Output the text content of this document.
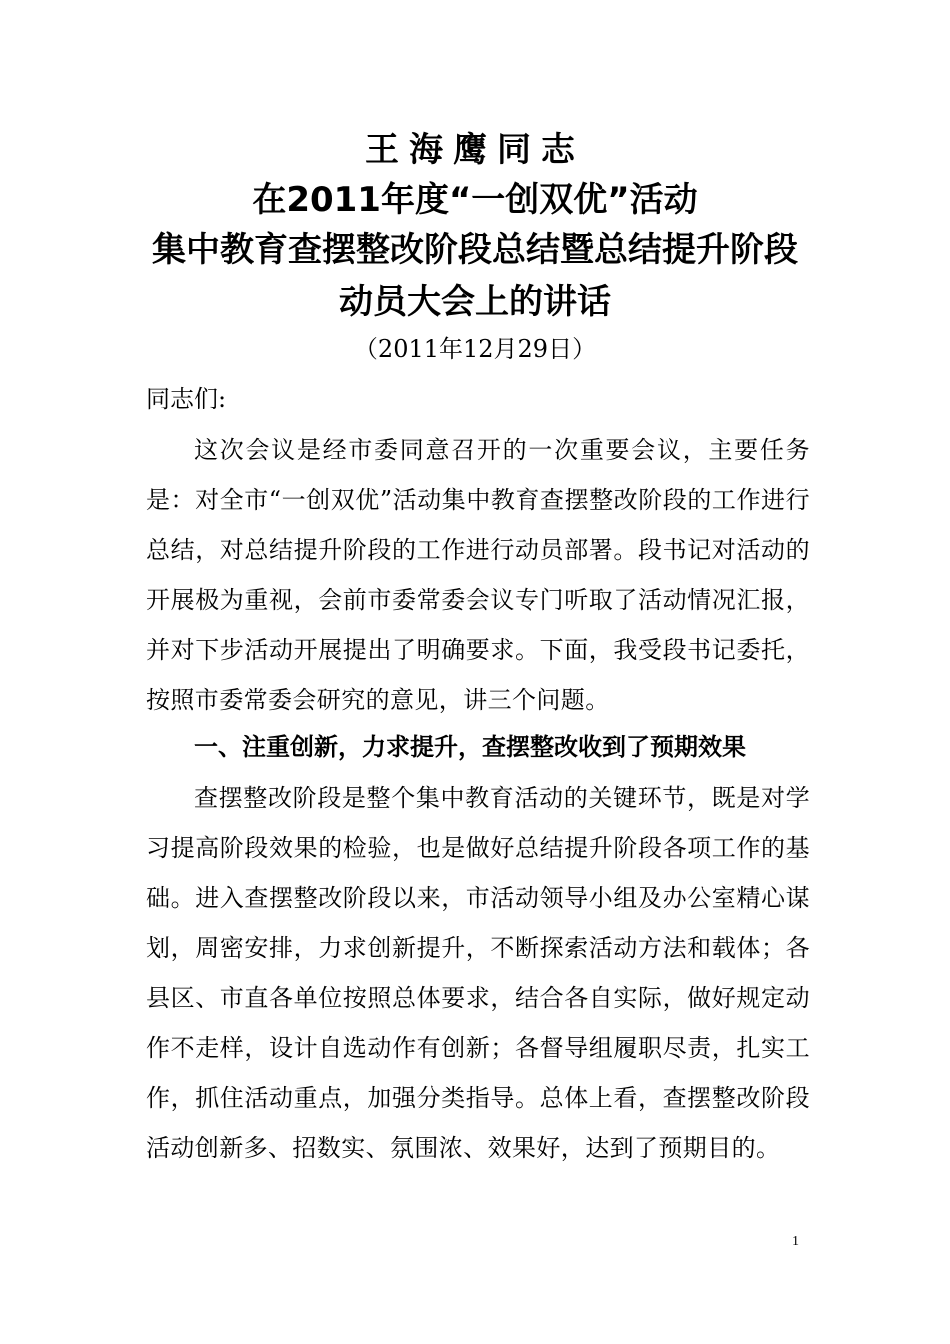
王海鹰同志
在2011年度“一创双优”活动
集中教育查摆整改阶段总结暨总结提升阶段
动员大会上的讲话
（2011年12月29日）
同志们:
这次会议是经市委同意召开的一次重要会议，主要任务是：对全市“一创双优”活动集中教育查摆整改阶段的工作进行总结，对总结提升阶段的工作进行动员部署。段书记对活动的开展极为重视，会前市委常委会议专门听取了活动情况汇报，并对下步活动开展提出了明确要求。下面，我受段书记委托，按照市委常委会研究的意见，讲三个问题。
一、注重创新，力求提升，查摆整改收到了预期效果
查摆整改阶段是整个集中教育活动的关键环节，既是对学习提高阶段效果的检验，也是做好总结提升阶段各项工作的基础。进入查摆整改阶段以来，市活动领导小组及办公室精心谋划，周密安排，力求创新提升，不断探索活动方法和载体；各县区、市直各单位按照总体要求，结合各自实际，做好规定动作不走样，设计自选动作有创新；各督导组履职尽责，扎实工作，抓住活动重点，加强分类指导。总体上看，查摆整改阶段活动创新多、招数实、氛围浓、效果好，达到了预期目的。
1
